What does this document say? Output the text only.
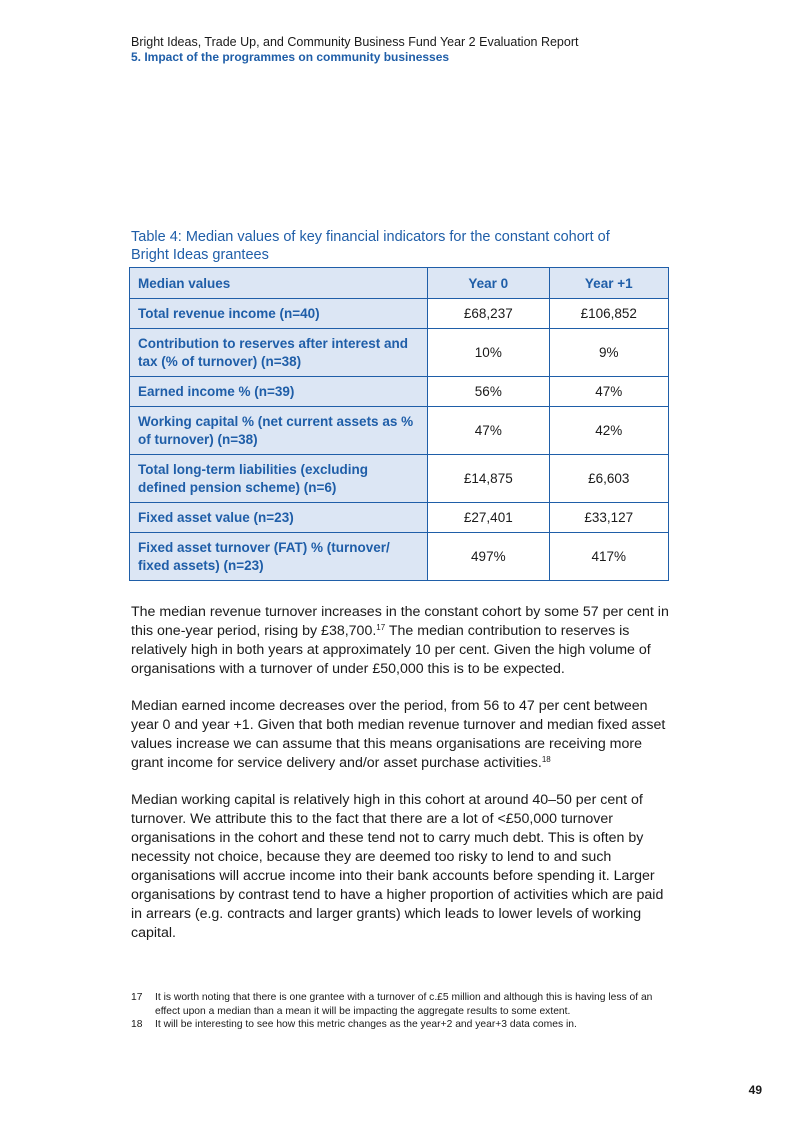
Bright Ideas, Trade Up, and Community Business Fund Year 2 Evaluation Report
5. Impact of the programmes on community businesses
Table 4: Median values of key financial indicators for the constant cohort of Bright Ideas grantees
Median values	Year 0	Year +1
Total revenue income (n=40)	£68,237	£106,852
Contribution to reserves after interest and tax (% of turnover) (n=38)	10%	9%
Earned income % (n=39)	56%	47%
Working capital % (net current assets as % of turnover) (n=38)	47%	42%
Total long-term liabilities (excluding defined pension scheme) (n=6)	£14,875	£6,603
Fixed asset value (n=23)	£27,401	£33,127
Fixed asset turnover (FAT) % (turnover/ fixed assets) (n=23)	497%	417%

The median revenue turnover increases in the constant cohort by some 57 per cent in this one-year period, rising by £38,700.17 The median contribution to reserves is relatively high in both years at approximately 10 per cent. Given the high volume of organisations with a turnover of under £50,000 this is to be expected.

Median earned income decreases over the period, from 56 to 47 per cent between year 0 and year +1. Given that both median revenue turnover and median fixed asset values increase we can assume that this means organisations are receiving more grant income for service delivery and/or asset purchase activities.$^{18}$

Median working capital is relatively high in this cohort at around 40–50 per cent of turnover. We attribute this to the fact that there are a lot of <£50,000 turnover organisations in the cohort and these tend not to carry much debt. This is often by necessity not choice, because they are deemed too risky to lend to and such organisations will accrue income into their bank accounts before spending it. Larger organisations by contrast tend to have a higher proportion of activities which are paid in arrears (e.g. contracts and larger grants) which leads to lower levels of working capital.

17	It is worth noting that there is one grantee with a turnover of c.£5 million and although this is having less of an effect upon a median than a mean it will be impacting the aggregate results to some extent.
18	It will be interesting to see how this metric changes as the year+2 and year+3 data comes in.
49
